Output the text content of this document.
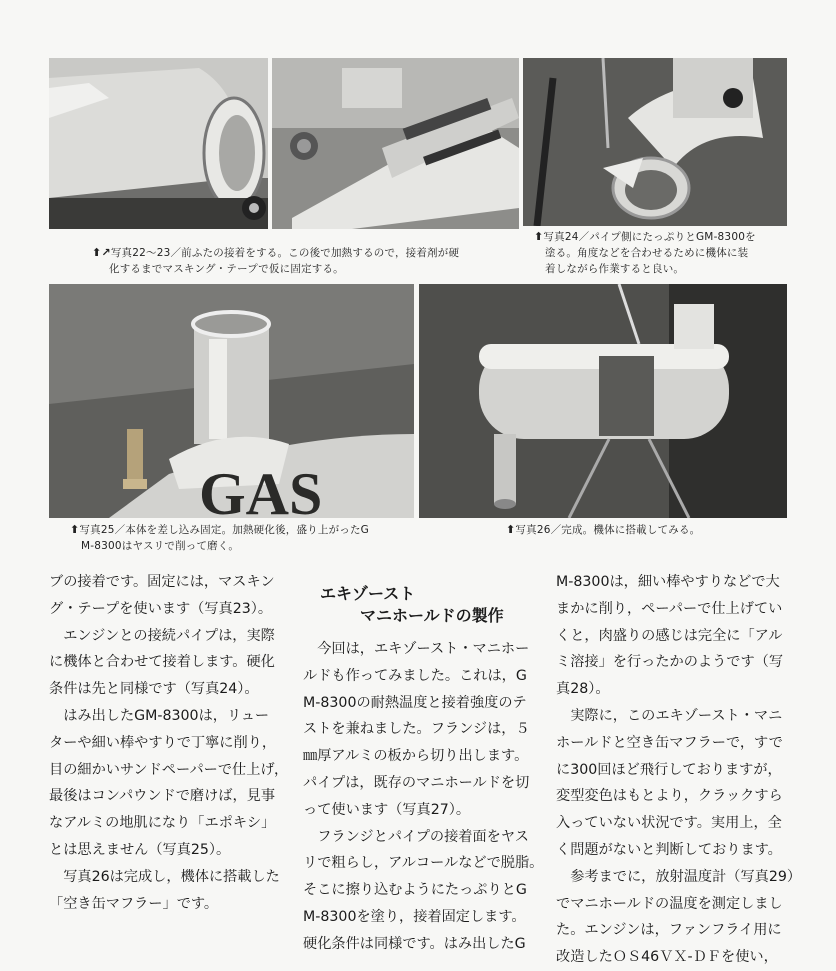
⬆↗写真22〜23／前ふたの接着をする。この後で加熱するので，接着剤が硬
化するまでマスキング・テープで仮に固定する。
⬆写真24／パイプ側にたっぷりとGM-8300を
塗る。角度などを合わせるために機体に装
着しながら作業すると良い。
GAS
⬆写真25／本体を差し込み固定。加熱硬化後，盛り上がったG
M-8300はヤスリで削って磨く。
⬆写真26／完成。機体に搭載してみる。

ブの接着です。固定には，マスキン

グ・テープを使います（写真23）。

　エンジンとの接続パイプは，実際

に機体と合わせて接着します。硬化

条件は先と同様です（写真24）。

　はみ出したGM-8300は，リュー

ターや細い棒やすりで丁寧に削り，

目の細かいサンドペーパーで仕上げ，

最後はコンパウンドで磨けば，見事

なアルミの地肌になり「エポキシ」

とは思えません（写真25）。

　写真26は完成し，機体に搭載した

「空き缶マフラー」です。

エキゾースト
マニホールドの製作

　今回は，エキゾースト・マニホー

ルドも作ってみました。これは，G

M-8300の耐熱温度と接着強度のテ

ストを兼ねました。フランジは，５

㎜厚アルミの板から切り出します。

パイプは，既存のマニホールドを切

って使います（写真27）。

　フランジとパイプの接着面をヤス

リで粗らし，アルコールなどで脱脂。

そこに擦り込むようにたっぷりとG

M-8300を塗り，接着固定します。

硬化条件は同様です。はみ出したG

M-8300は，細い棒やすりなどで大

まかに削り，ペーパーで仕上げてい

くと，肉盛りの感じは完全に「アル

ミ溶接」を行ったかのようです（写

真28）。

　実際に，このエキゾースト・マニ

ホールドと空き缶マフラーで，すで

に300回ほど飛行しておりますが，

変型変色はもとより，クラックすら

入っていない状況です。実用上，全

く問題がないと判断しております。

　参考までに，放射温度計（写真29）

でマニホールドの温度を測定しまし

た。エンジンは，ファンフライ用に

改造したＯＳ46ＶＸ-ＤＦを使い，
